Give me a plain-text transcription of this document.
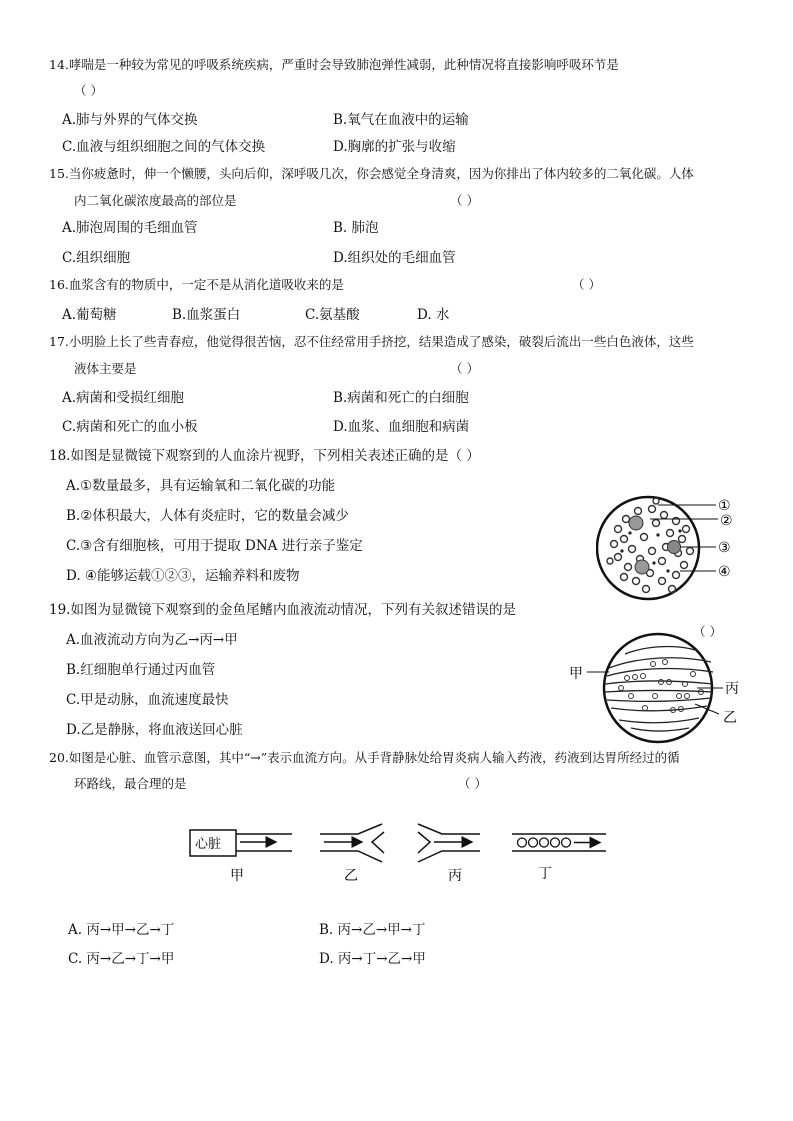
14.哮喘是一种较为常见的呼吸系统疾病，严重时会导致肺泡弹性减弱，此种情况将直接影响呼吸环节是
（ ）
A.肺与外界的气体交换	B.氧气在血液中的运输
C.血液与组织细胞之间的气体交换	D.胸廓的扩张与收缩
15.当你疲惫时，伸一个懒腰，头向后仰，深呼吸几次，你会感觉全身清爽，因为你排出了体内较多的二氧化碳。人体
内二氧化碳浓度最高的部位是	（ ）
A.肺泡周围的毛细血管	B. 肺泡
C.组织细胞	D.组织处的毛细血管
16.血浆含有的物质中，一定不是从消化道吸收来的是	（ ）
A.葡萄糖	B.血浆蛋白	C.氨基酸	D. 水
17.小明脸上长了些青春痘，他觉得很苦恼，忍不住经常用手挤挖，结果造成了感染，破裂后流出一些白色液体，这些
液体主要是	（ ）
A.病菌和受损红细胞	B.病菌和死亡的白细胞
C.病菌和死亡的血小板	D.血浆、血细胞和病菌
18.如图是显微镜下观察到的人血涂片视野，下列相关表述正确的是（ ）
A.①数量最多，具有运输氧和二氧化碳的功能
B.②体积最大，人体有炎症时，它的数量会减少
C.③含有细胞核，可用于提取 DNA 进行亲子鉴定
D. ④能够运载①②③，运输养料和废物
①
②
③
④
19.如图为显微镜下观察到的金鱼尾鳍内血液流动情况，下列有关叙述错误的是
（ ）
A.血液流动方向为乙→丙→甲
B.红细胞单行通过丙血管
C.甲是动脉，血流速度最快
D.乙是静脉，将血液送回心脏
甲
丙
乙
20.如图是心脏、血管示意图，其中“→”表示血流方向。从手背静脉处给胃炎病人输入药液，药液到达胃所经过的循
环路线，最合理的是	（ ）
心脏
甲	乙	丙	丁
A. 丙→甲→乙→丁	B. 丙→乙→甲→丁
C. 丙→乙→丁→甲	D. 丙→丁→乙→甲
